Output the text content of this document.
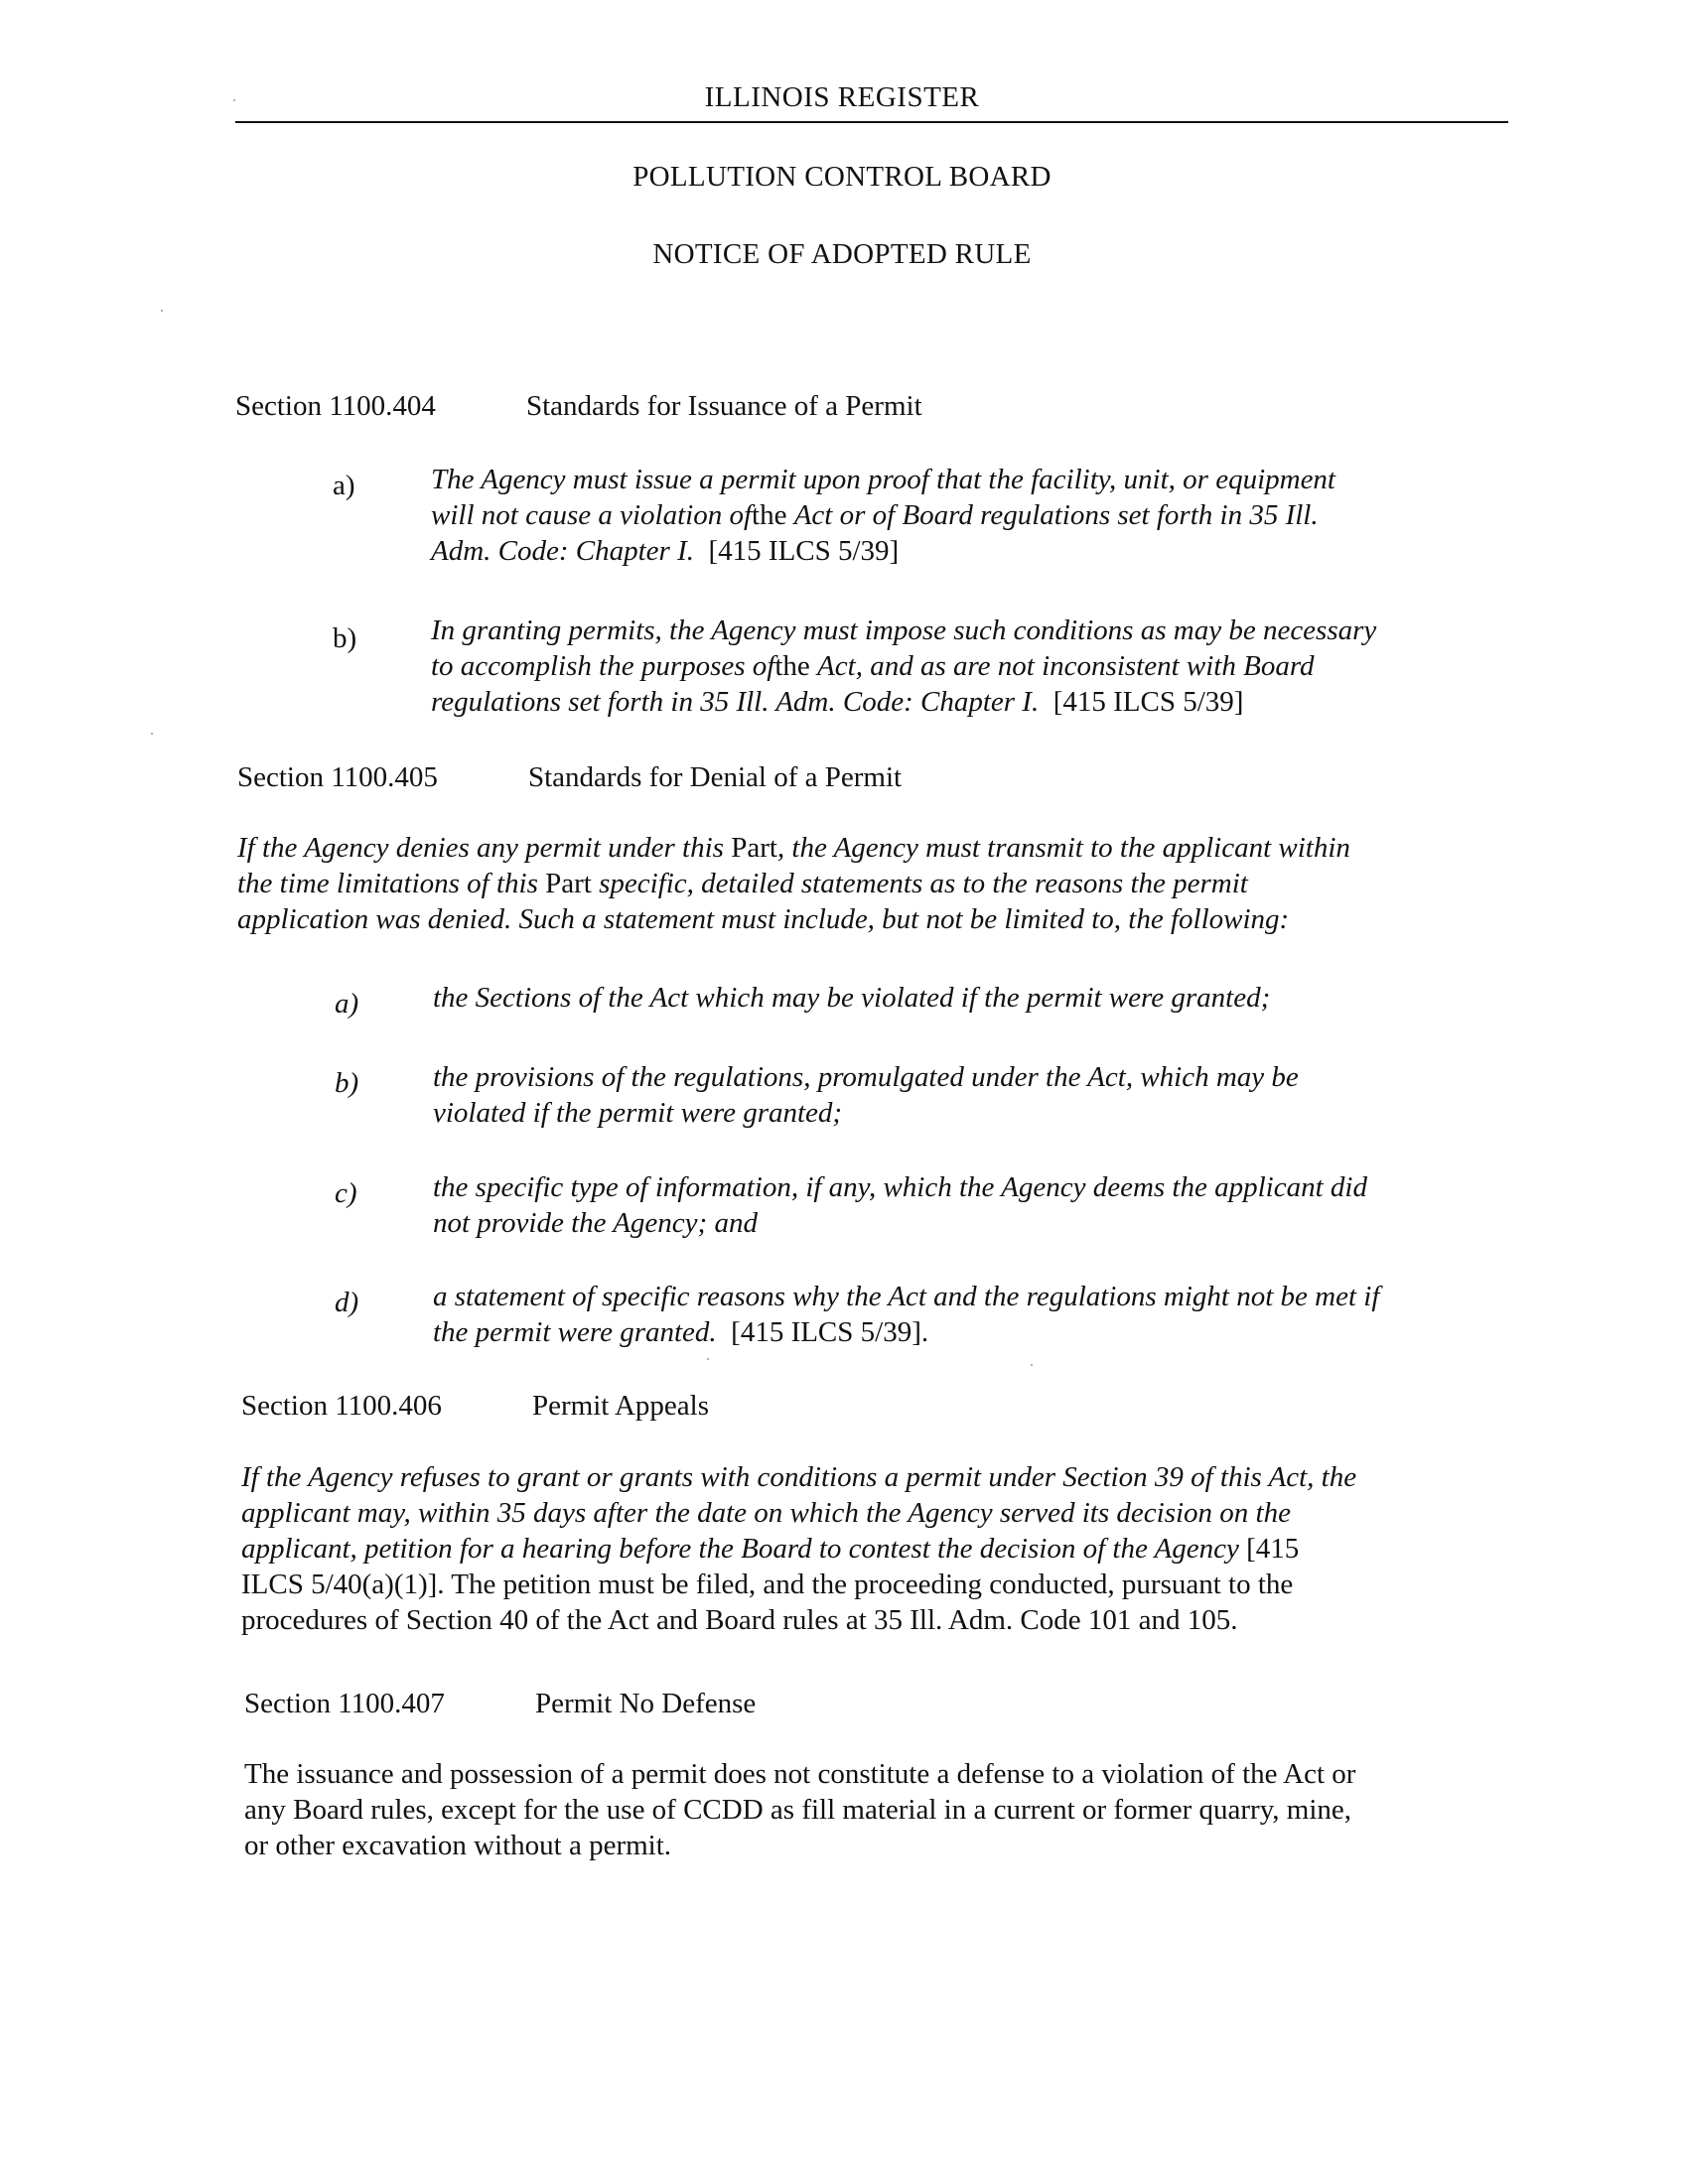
ILLINOIS REGISTER
POLLUTION CONTROL BOARD
NOTICE OF ADOPTED RULE
Section 1100.404	Standards for Issuance of a Permit
a)	The Agency must issue a permit upon proof that the facility, unit, or equipment
will not cause a violation ofthe Act or of Board regulations set forth in 35 Ill.
Adm. Code: Chapter I. [415 ILCS 5/39]
b)	In granting permits, the Agency must impose such conditions as may be necessary
to accomplish the purposes ofthe Act, and as are not inconsistent with Board
regulations set forth in 35 Ill. Adm. Code: Chapter I. [415 ILCS 5/39]
Section 1100.405	Standards for Denial of a Permit
If the Agency denies any permit under this Part, the Agency must transmit to the applicant within
the time limitations of this Part specific, detailed statements as to the reasons the permit
application was denied. Such a statement must include, but not be limited to, the following:
a)	the Sections of the Act which may be violated if the permit were granted;
b)	the provisions of the regulations, promulgated under the Act, which may be
violated if the permit were granted;
c)	the specific type of information, if any, which the Agency deems the applicant did
not provide the Agency; and
d)	a statement of specific reasons why the Act and the regulations might not be met if
the permit were granted. [415 ILCS 5/39].
Section 1100.406	Permit Appeals
If the Agency refuses to grant or grants with conditions a permit under Section 39 of this Act, the
applicant may, within 35 days after the date on which the Agency served its decision on the
applicant, petition for a hearing before the Board to contest the decision of the Agency [415
ILCS 5/40(a)(1)]. The petition must be filed, and the proceeding conducted, pursuant to the
procedures of Section 40 of the Act and Board rules at 35 Ill. Adm. Code 101 and 105.
Section 1100.407	Permit No Defense
The issuance and possession of a permit does not constitute a defense to a violation of the Act or
any Board rules, except for the use of CCDD as fill material in a current or former quarry, mine,
or other excavation without a permit.
